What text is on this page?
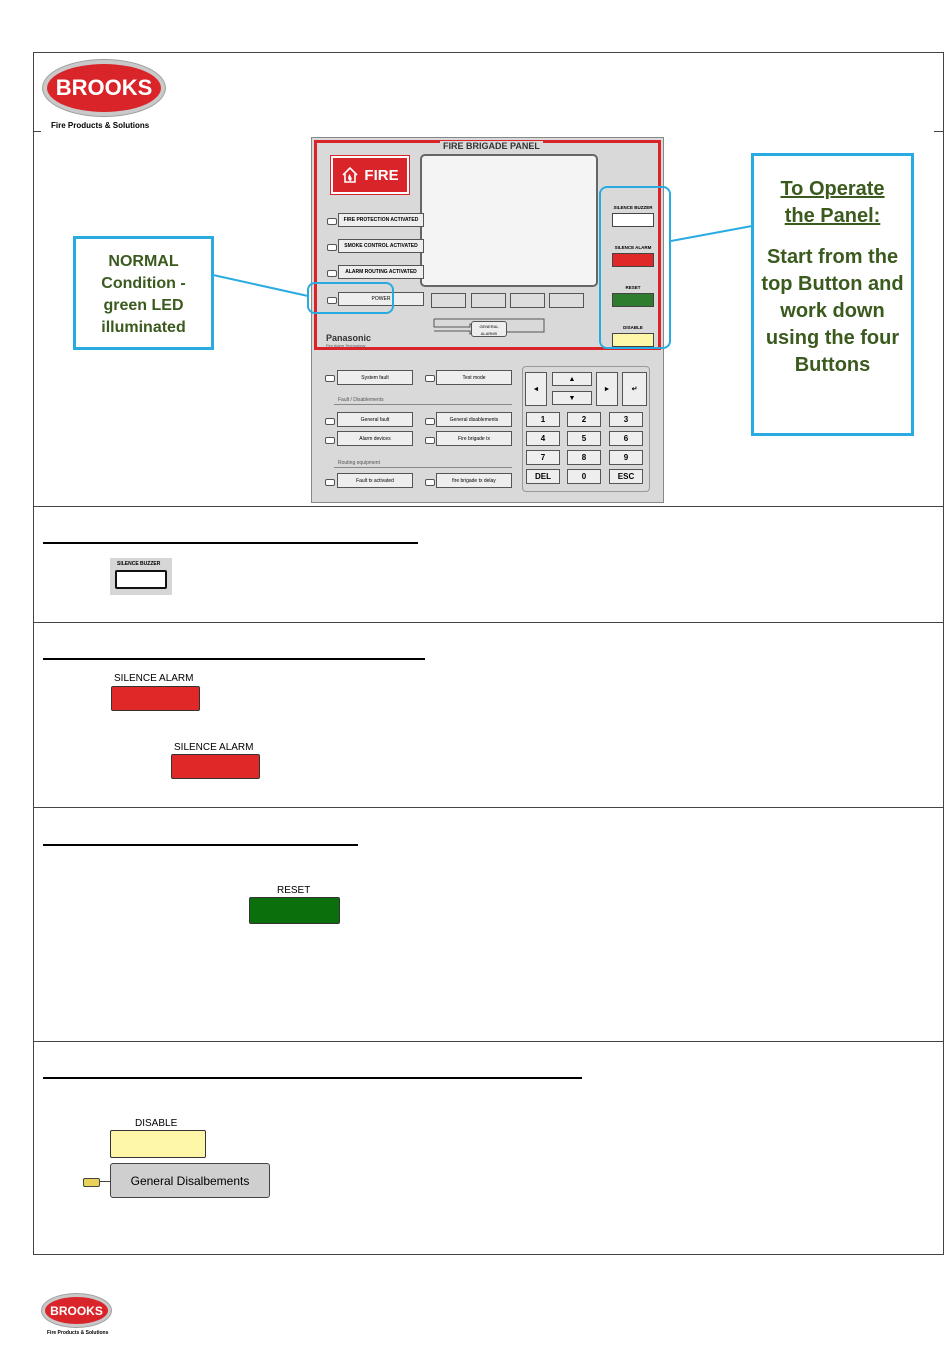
BROOKS
Fire Products & Solutions
FIRE BRIGADE PANEL
FIRE
FIRE PROTECTION ACTIVATED
SMOKE CONTROL ACTIVATED
ALARM ROUTING ACTIVATED
POWER
GENERAL ALARMS
Panasonic
Fire Alarm Technology
SILENCE BUZZER
SILENCE ALARM
RESET
DISABLE
System fault	Test mode
Fault / Disablements
General fault	General disablements
Alarm devices	Fire brigade tx
Routing equipment
Fault tx activated	fire brigade tx delay
◄
▲
▼
►	↵
1	2	3
4	5	6
7	8	9
DEL	0	ESC
NORMAL Condition - green LED illuminated
To Operate
the Panel:
Start from the top Button and work down using the four Buttons
SILENCE BUZZER
SILENCE ALARM
SILENCE ALARM
RESET
DISABLE
General Disalbements
BROOKS
Fire Products & Solutions
